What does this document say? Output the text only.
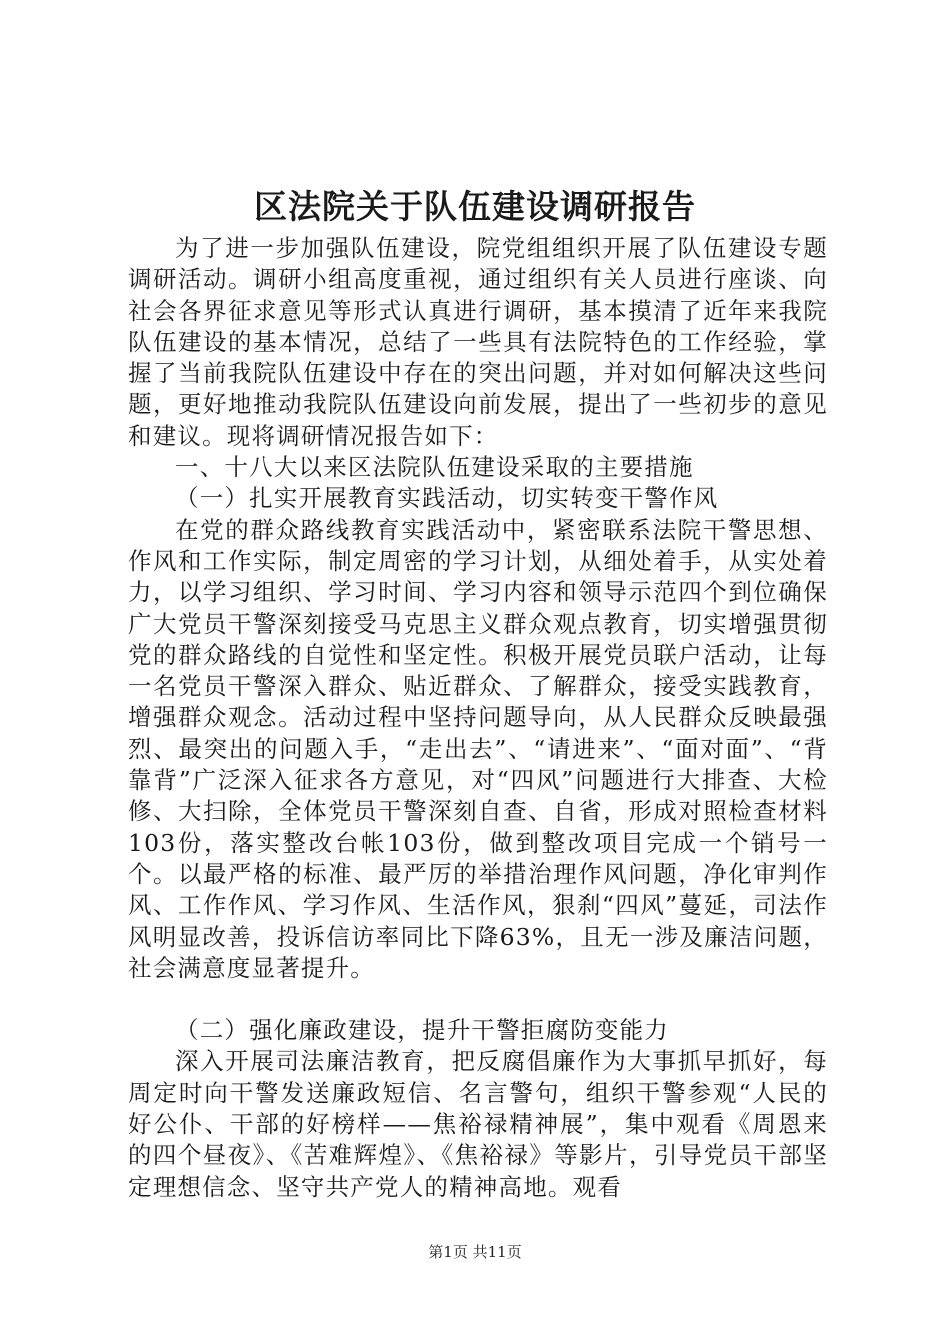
区法院关于队伍建设调研报告

为了进一步加强队伍建设，院党组组织开展了队伍建设专题调研活动。调研小组高度重视，通过组织有关人员进行座谈、向社会各界征求意见等形式认真进行调研，基本摸清了近年来我院队伍建设的基本情况，总结了一些具有法院特色的工作经验，掌握了当前我院队伍建设中存在的突出问题，并对如何解决这些问题，更好地推动我院队伍建设向前发展，提出了一些初步的意见和建议。现将调研情况报告如下：

一、十八大以来区法院队伍建设采取的主要措施

（一）扎实开展教育实践活动，切实转变干警作风

在党的群众路线教育实践活动中，紧密联系法院干警思想、作风和工作实际，制定周密的学习计划，从细处着手，从实处着力，以学习组织、学习时间、学习内容和领导示范四个到位确保广大党员干警深刻接受马克思主义群众观点教育，切实增强贯彻党的群众路线的自觉性和坚定性。积极开展党员联户活动，让每一名党员干警深入群众、贴近群众、了解群众，接受实践教育，增强群众观念。活动过程中坚持问题导向，从人民群众反映最强烈、最突出的问题入手，“走出去”、“请进来”、“面对面”、“背靠背”广泛深入征求各方意见，对“四风”问题进行大排查、大检修、大扫除，全体党员干警深刻自查、自省，形成对照检查材料103份，落实整改台帐103份，做到整改项目完成一个销号一个。以最严格的标准、最严厉的举措治理作风问题，净化审判作风、工作作风、学习作风、生活作风，狠刹“四风”蔓延，司法作风明显改善，投诉信访率同比下降63%，且无一涉及廉洁问题，社会满意度显著提升。

（二）强化廉政建设，提升干警拒腐防变能力

深入开展司法廉洁教育，把反腐倡廉作为大事抓早抓好，每周定时向干警发送廉政短信、名言警句，组织干警参观“人民的好公仆、干部的好榜样——焦裕禄精神展”，集中观看《周恩来的四个昼夜》、《苦难辉煌》、《焦裕禄》等影片，引导党员干部坚定理想信念、坚守共产党人的精神高地。观看

第1页 共11页
